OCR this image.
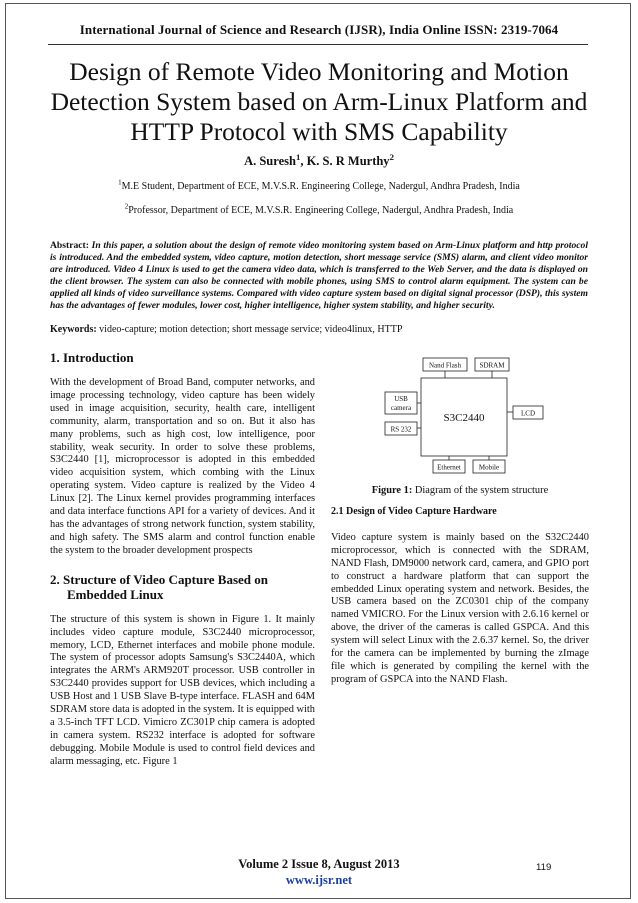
International Journal of Science and Research (IJSR), India Online ISSN: 2319-7064
Design of Remote Video Monitoring and Motion Detection System based on Arm-Linux Platform and HTTP Protocol with SMS Capability
A. Suresh$^1$, K. S. R Murthy$^2$
$^1$M.E Student, Department of ECE, M.V.S.R. Engineering College, Nadergul, Andhra Pradesh, India
$^2$Professor, Department of ECE, M.V.S.R. Engineering College, Nadergul, Andhra Pradesh, India
Abstract: In this paper, a solution about the design of remote video monitoring system based on Arm-Linux platform and http protocol is introduced. And the embedded system, video capture, motion detection, short message service (SMS) alarm, and client video monitor are introduced. Video 4 Linux is used to get the camera video data, which is transferred to the Web Server, and the data is displayed on the client browser. The system can also be connected with mobile phones, using SMS to control alarm equipment. The system can be applied all kinds of video surveillance systems. Compared with video capture system based on digital signal processor (DSP), this system has the advantages of fewer modules, lower cost, higher intelligence, higher system stability, and higher security.
Keywords: video-capture; motion detection; short message service; video4linux, HTTP
1. Introduction

With the development of Broad Band, computer networks, and image processing technology, video capture has been widely used in image acquisition, security, health care, intelligent community, alarm, transportation and so on. But it also has many problems, such as high cost, low intelligence, poor stability, weak security. In order to solve these problems, S3C2440 [1], microprocessor is adopted in this embedded video acquisition system, which combing with the Linux operating system. Video capture is realized by the Video 4 Linux [2]. The Linux kernel provides programming interfaces and data interface functions API for a variety of devices. And it has the advantages of strong network function, system stability, and high safety. The SMS alarm and control function enable the system to the broader development prospects

2. Structure of Video Capture Based on Embedded Linux

The structure of this system is shown in Figure 1. It mainly includes video capture module, S3C2440 microprocessor, memory, LCD, Ethernet interfaces and mobile phone module. The system of processor adopts Samsung's S3C2440A, which integrates the ARM's ARM920T processor. USB controller in S3C2440 provides support for USB devices, which including a USB Host and 1 USB Slave B-type interface. FLASH and 64M SDRAM store data is adopted in the system. It is equipped with a 3.5-inch TFT LCD. Vimicro ZC301P chip camera is adopted in camera system. RS232 interface is adopted for software debugging. Mobile Module is used to control field devices and alarm messaging, etc. Figure 1

Nand Flash	SDRAM
S3C2440
USB
camera
RS 232
LCD
Ethernet	Mobile
Figure 1: Diagram of the system structure
2.1 Design of Video Capture Hardware

Video capture system is mainly based on the S32C2440 microprocessor, which is connected with the SDRAM, NAND Flash, DM9000 network card, camera, and GPIO port to construct a hardware platform that can support the embedded Linux operating system and network. Besides, the USB camera based on the ZC0301 chip of the company named VMICRO. For the Linux version with 2.6.16 kernel or above, the driver of the cameras is called GSPCA. And this system will select Linux with the 2.6.37 kernel. So, the driver for the camera can be implemented by burning the zImage file which is generated by compiling the kernel with the program of GSPCA into the NAND Flash.

Volume 2 Issue 8, August 2013
www.ijsr.net
119
